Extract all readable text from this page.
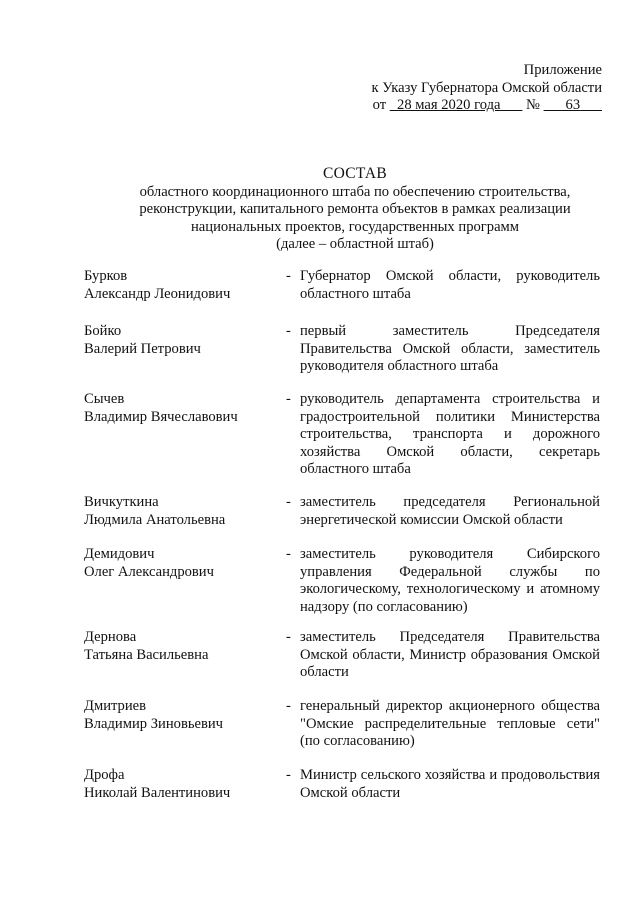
Приложение
к Указу Губернатора Омской области
от 28 мая 2020 года № 63
СОСТАВ
областного координационного штаба по обеспечению строительства,
реконструкции, капитального ремонта объектов в рамках реализации
национальных проектов, государственных программ
(далее – областной штаб)
Бурков
Александр Леонидович
- Губернатор Омской области, руководитель областного штаба
Бойко
Валерий Петрович
- первый заместитель Председателя Правительства Омской области, заместитель руководителя областного штаба
Сычев
Владимир Вячеславович
- руководитель департамента строительства и градостроительной политики Министерства строительства, транспорта и дорожного хозяйства Омской области, секретарь областного штаба
Вичкуткина
Людмила Анатольевна
- заместитель председателя Региональной энергетической комиссии Омской области
Демидович
Олег Александрович
- заместитель руководителя Сибирского управления Федеральной службы по экологическому, технологическому и атомному надзору (по согласованию)
Дернова
Татьяна Васильевна
- заместитель Председателя Правительства Омской области, Министр образования Омской области
Дмитриев
Владимир Зиновьевич
- генеральный директор акционерного общества "Омские распределительные тепловые сети" (по согласованию)
Дрофа
Николай Валентинович
- Министр сельского хозяйства и продовольствия Омской области
